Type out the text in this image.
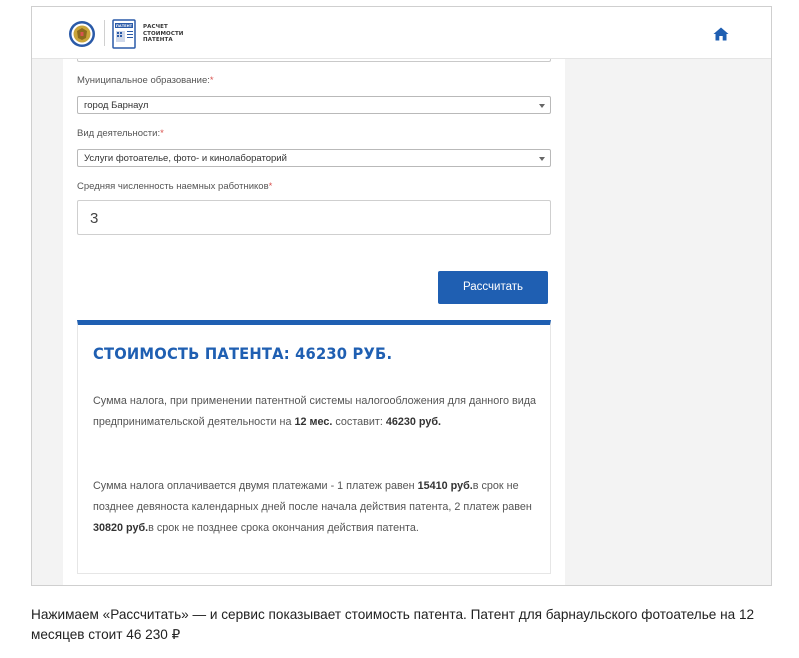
ПАТЕНТ РАСЧЕТ
СТОИМОСТИ
ПАТЕНТА
Муниципальное образование:*
город Барнаул
Вид деятельности:*
Услуги фотоателье, фото- и кинолабораторий
Средняя численность наемных работников*
3
Рассчитать
СТОИМОСТЬ ПАТЕНТА: 46230 РУБ.
Сумма налога, при применении патентной системы налогообложения для данного вида предпринимательской деятельности на 12 мес. составит: 46230 руб.
Сумма налога оплачивается двумя платежами - 1 платеж равен 15410 руб.в срок не позднее девяноста календарных дней после начала действия патента, 2 платеж равен 30820 руб.в срок не позднее срока окончания действия патента.
Нажимаем «Рассчитать» — и сервис показывает стоимость патента. Патент для барнаульского фотоателье на 12 месяцев стоит 46 230 ₽
